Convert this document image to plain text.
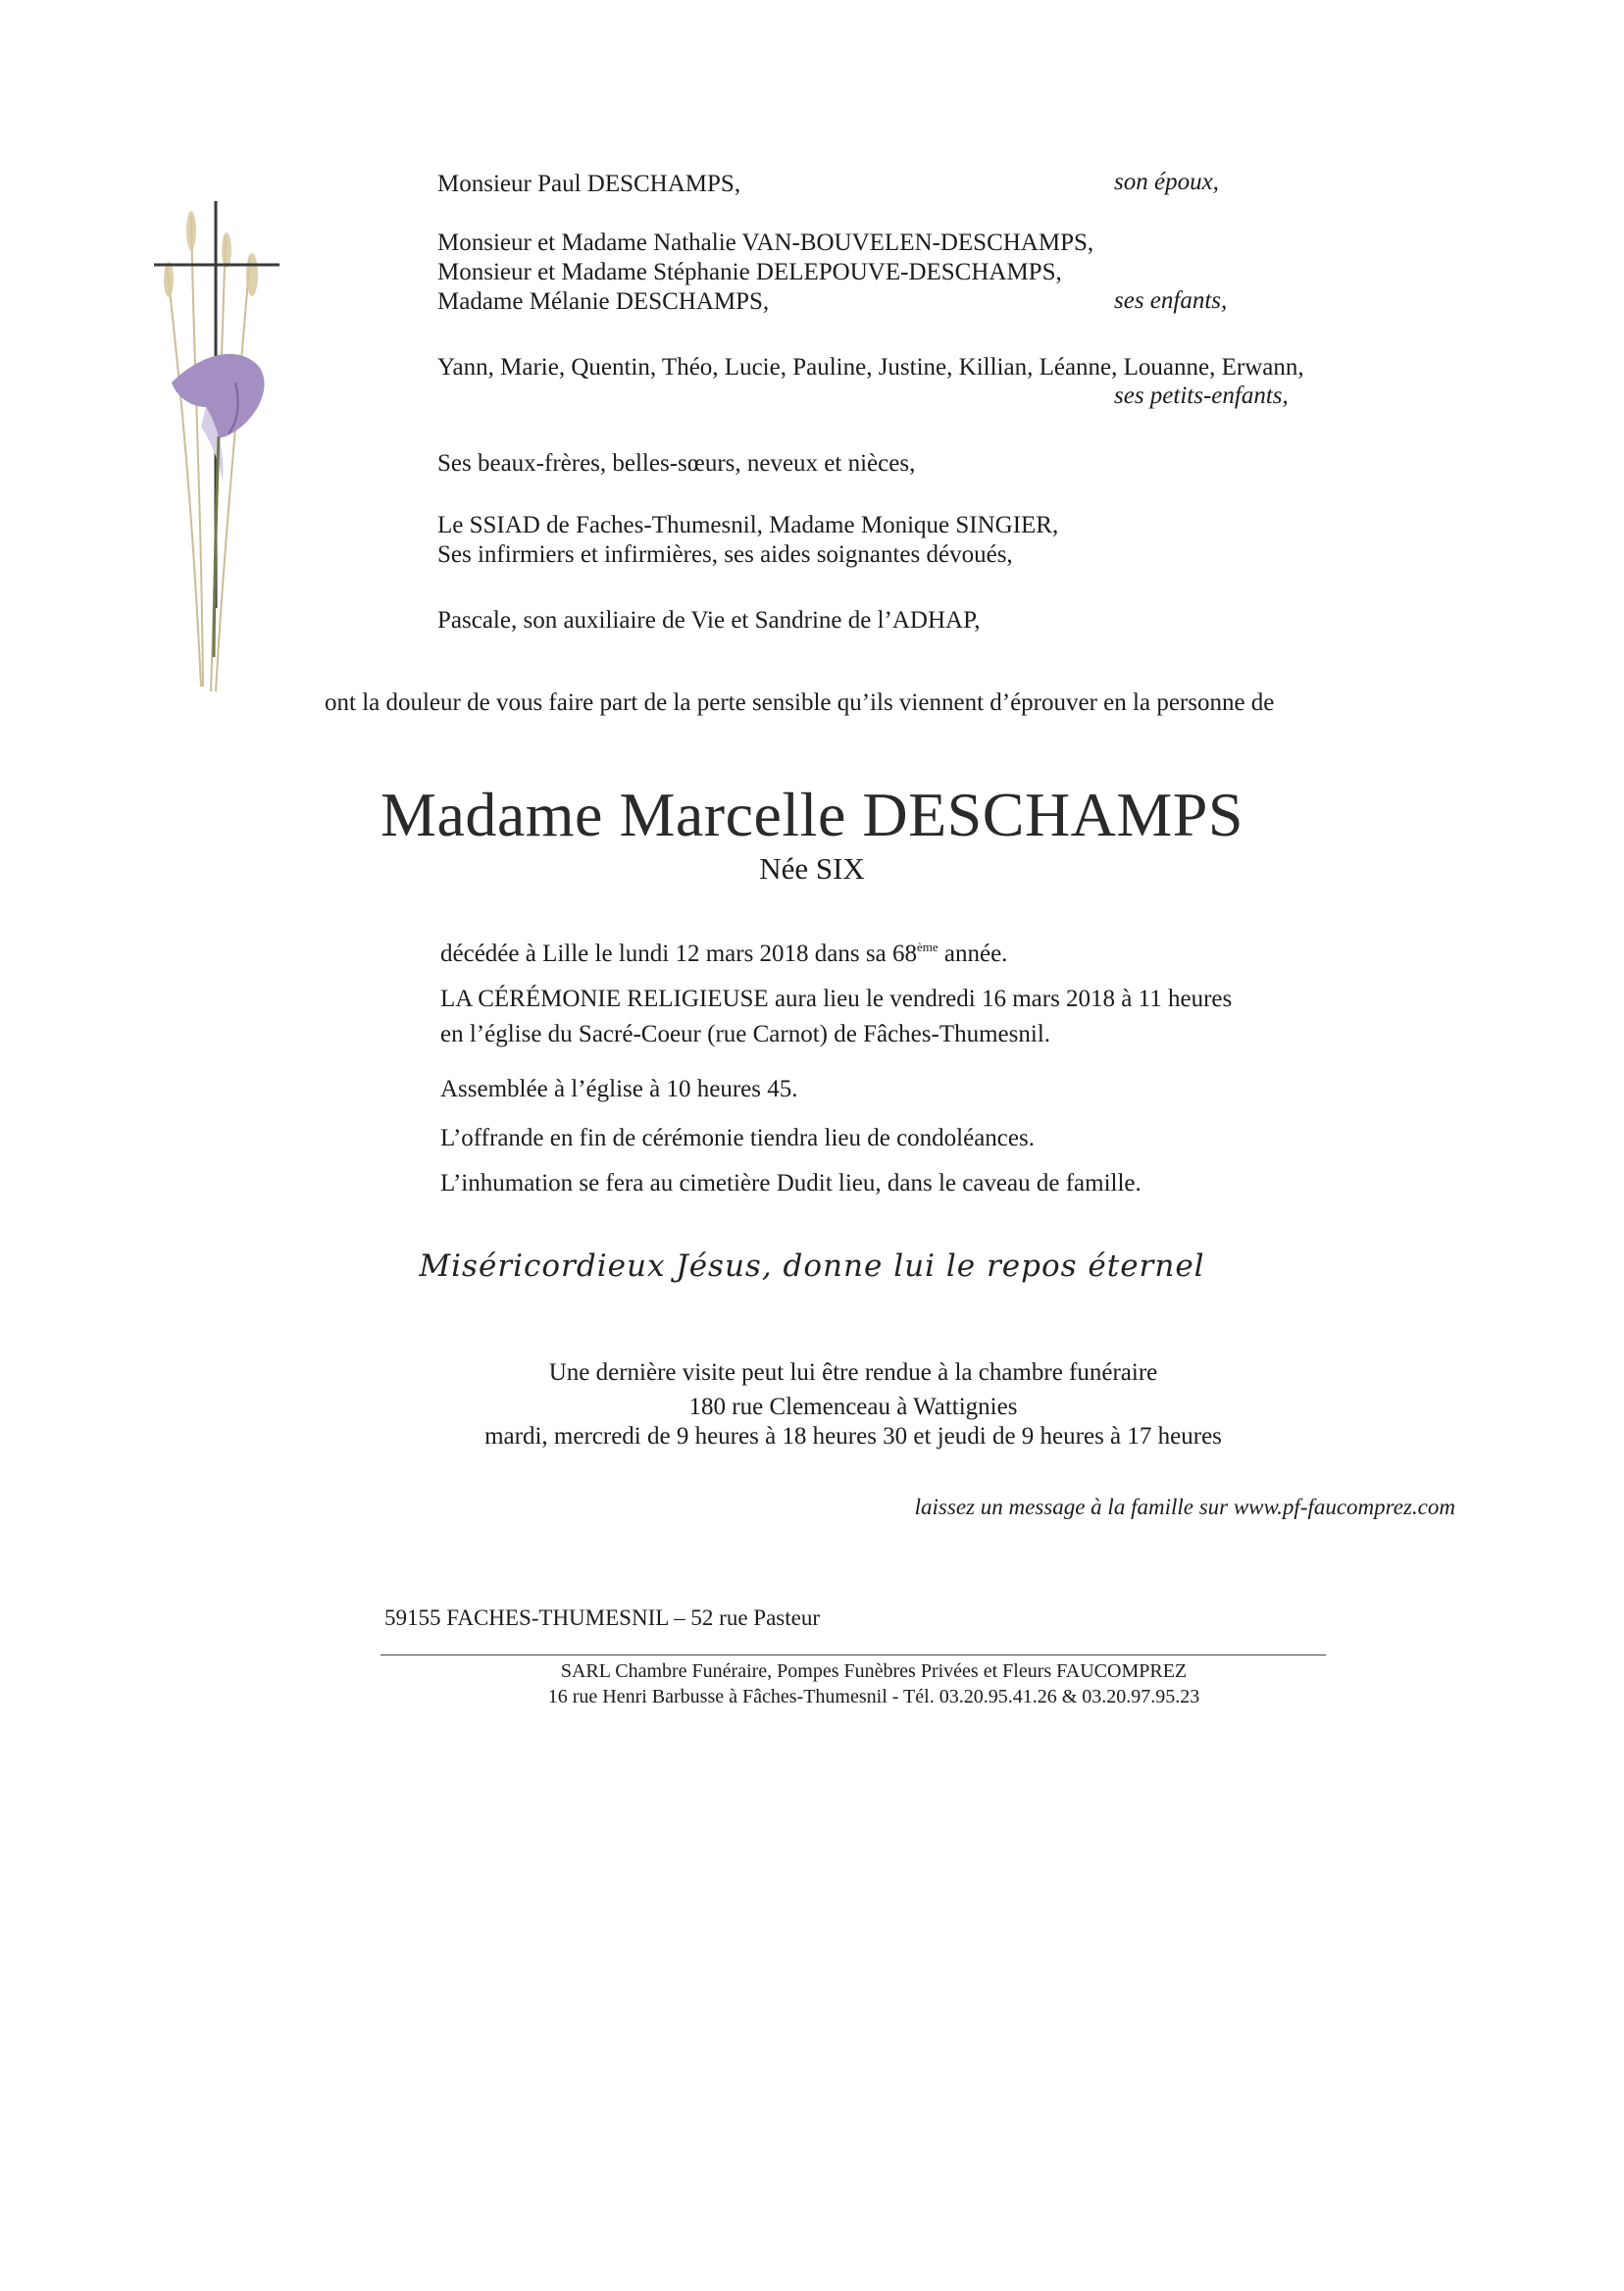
Monsieur Paul DESCHAMPS,	son époux,
Monsieur et Madame Nathalie VAN-BOUVELEN-DESCHAMPS,
Monsieur et Madame Stéphanie DELEPOUVE-DESCHAMPS,
Madame Mélanie DESCHAMPS,	ses enfants,
Yann, Marie, Quentin, Théo, Lucie, Pauline, Justine, Killian, Léanne, Louanne, Erwann,
ses petits-enfants,
Ses beaux-frères, belles-sœurs, neveux et nièces,
Le SSIAD de Faches-Thumesnil, Madame Monique SINGIER,
Ses infirmiers et infirmières, ses aides soignantes dévoués,
Pascale, son auxiliaire de Vie et Sandrine de l’ADHAP,
ont la douleur de vous faire part de la perte sensible qu’ils viennent d’éprouver en la personne de
Madame Marcelle DESCHAMPS
Née SIX
décédée à Lille le lundi 12 mars 2018 dans sa 68ème année.
LA CÉRÉMONIE RELIGIEUSE aura lieu le vendredi 16 mars 2018 à 11 heures
en l’église du Sacré-Coeur (rue Carnot) de Fâches-Thumesnil.
Assemblée à l’église à 10 heures 45.
L’offrande en fin de cérémonie tiendra lieu de condoléances.
L’inhumation se fera au cimetière Dudit lieu, dans le caveau de famille.
Miséricordieux Jésus, donne lui le repos éternel
Une dernière visite peut lui être rendue à la chambre funéraire
180 rue Clemenceau à Wattignies
mardi, mercredi de 9 heures à 18 heures 30 et jeudi de 9 heures à 17 heures
laissez un message à la famille sur www.pf-faucomprez.com
59155 FACHES-THUMESNIL – 52 rue Pasteur
SARL Chambre Funéraire, Pompes Funèbres Privées et Fleurs FAUCOMPREZ
16 rue Henri Barbusse à Fâches-Thumesnil - Tél. 03.20.95.41.26 & 03.20.97.95.23
